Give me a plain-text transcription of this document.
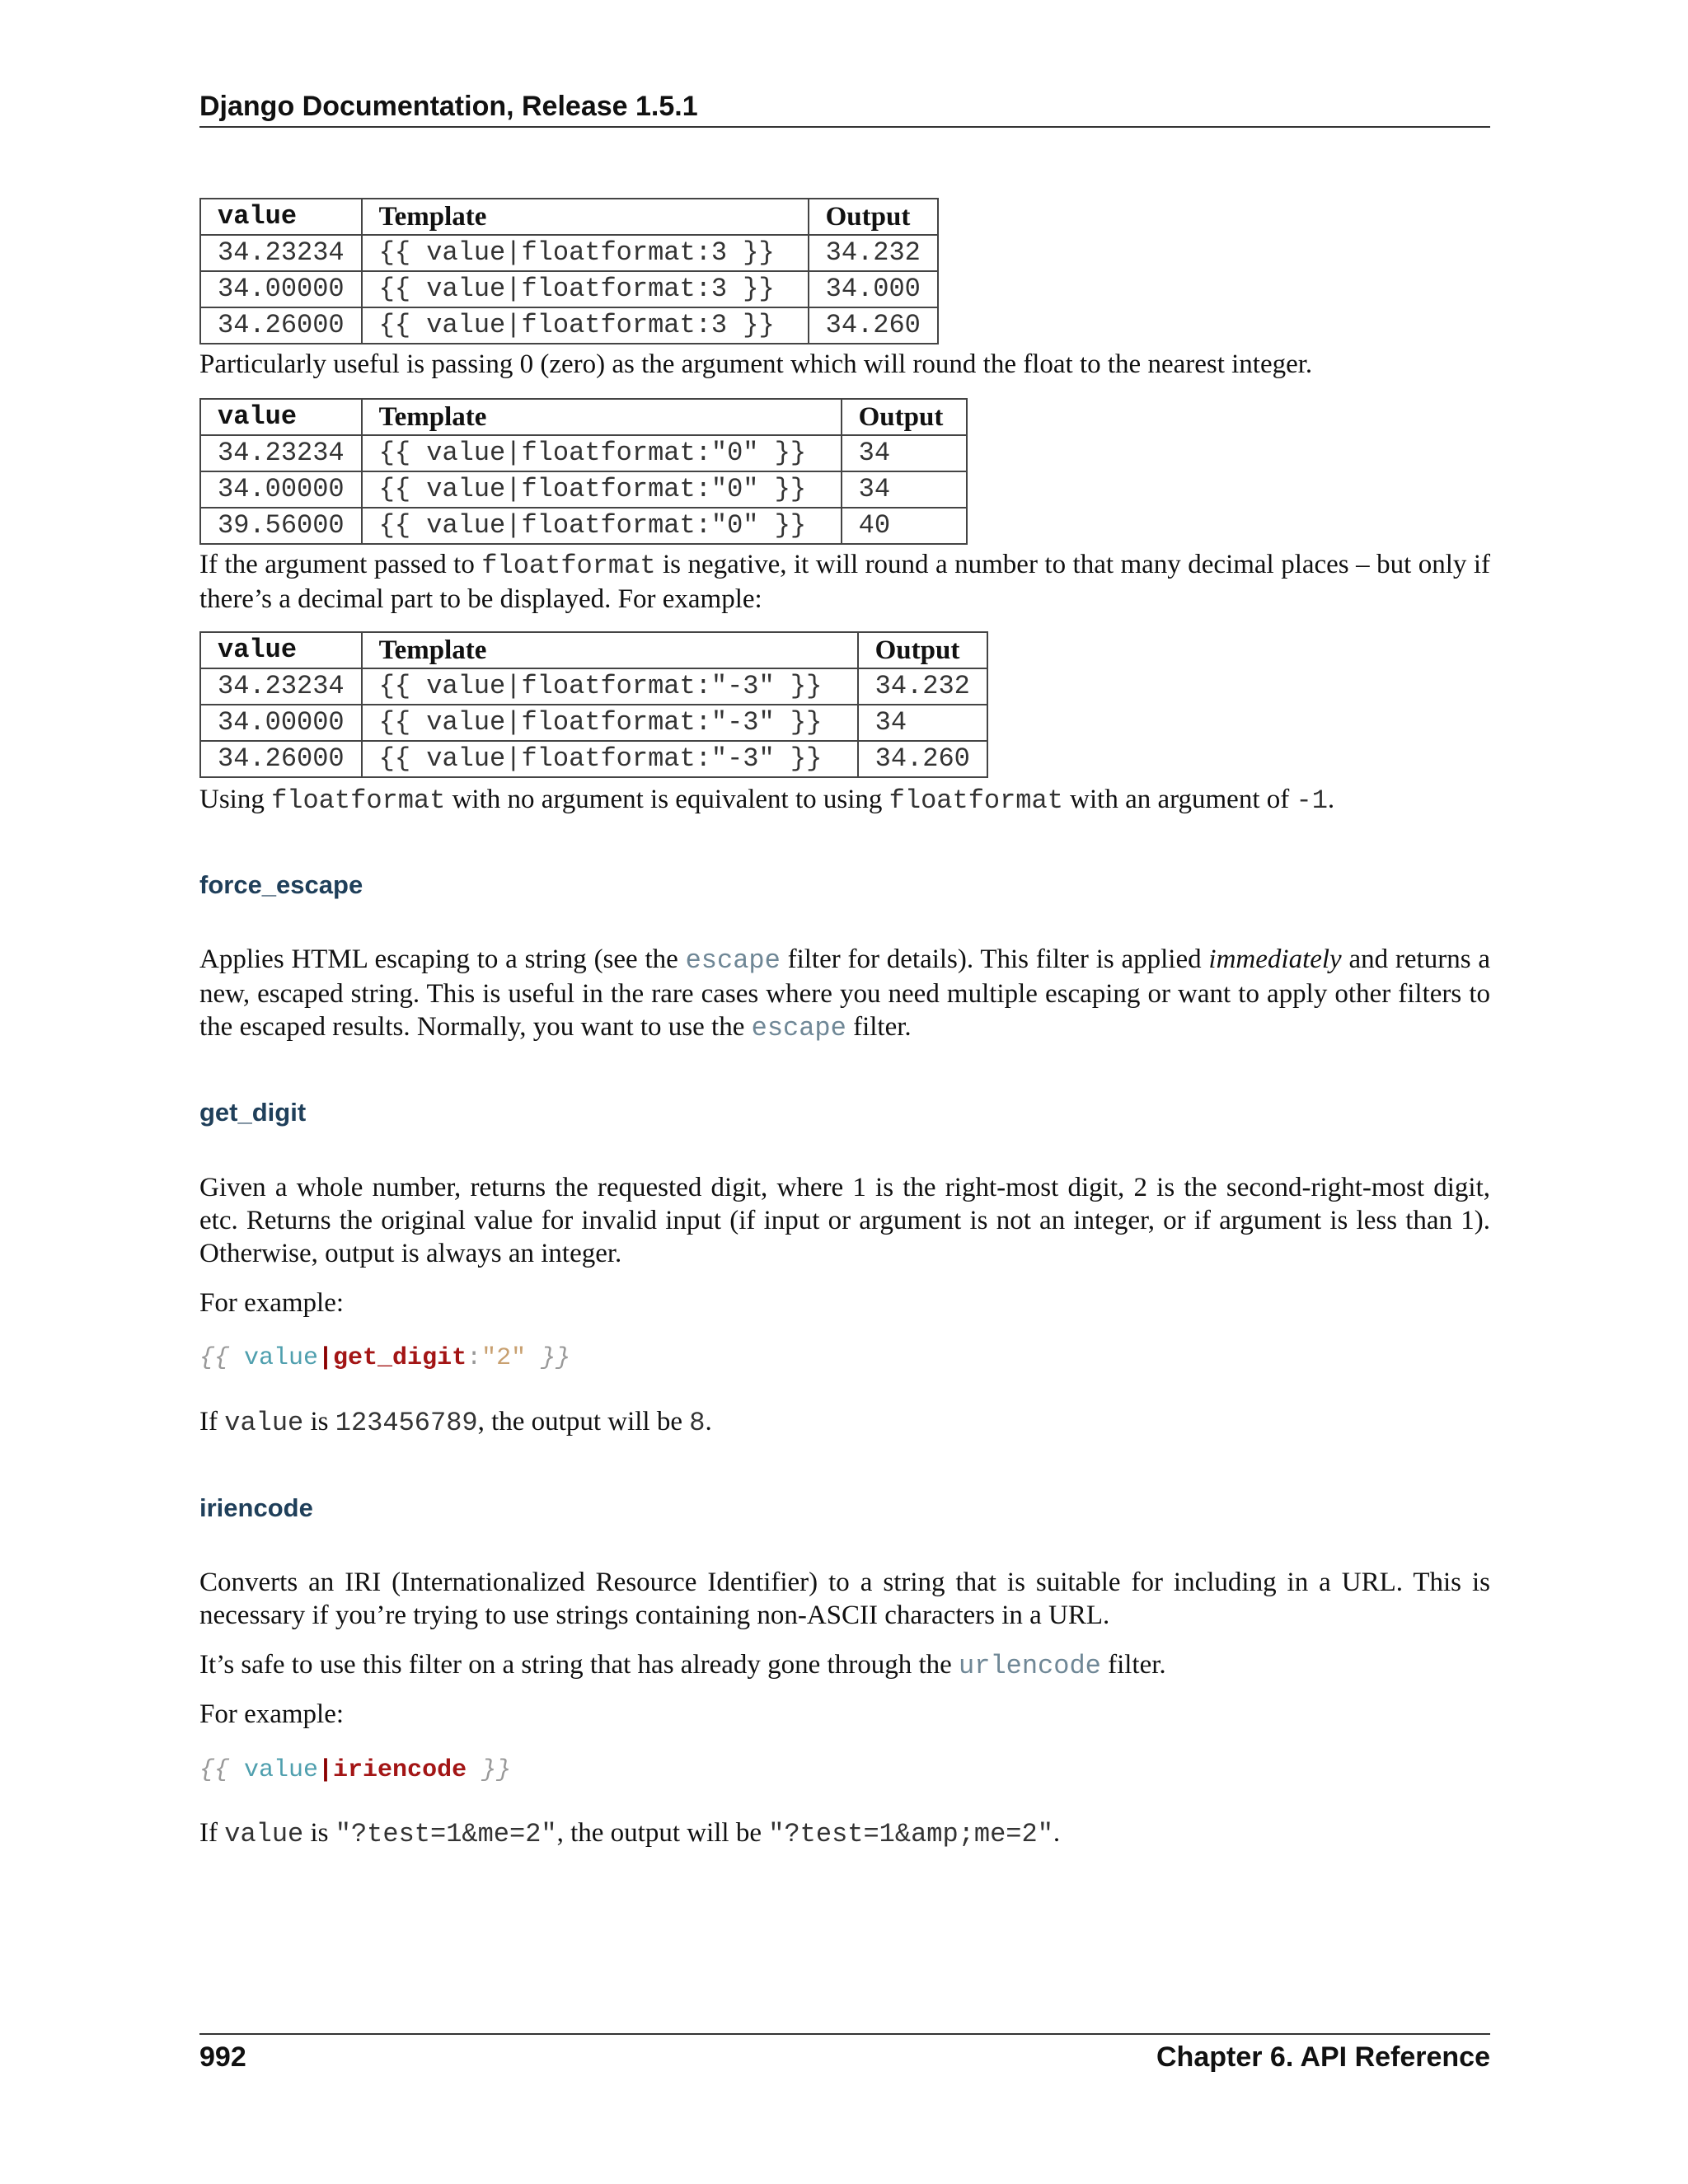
Django Documentation, Release 1.5.1
value	Template	Output
34.23234	{{ value|floatformat:3 }}	34.232
34.00000	{{ value|floatformat:3 }}	34.000
34.26000	{{ value|floatformat:3 }}	34.260

Particularly useful is passing 0 (zero) as the argument which will round the float to the nearest integer.

value	Template	Output
34.23234	{{ value|floatformat:"0" }}	34
34.00000	{{ value|floatformat:"0" }}	34
39.56000	{{ value|floatformat:"0" }}	40

If the argument passed to floatformat is negative, it will round a number to that many decimal places – but only if there’s a decimal part to be displayed. For example:

value	Template	Output
34.23234	{{ value|floatformat:"-3" }}	34.232
34.00000	{{ value|floatformat:"-3" }}	34
34.26000	{{ value|floatformat:"-3" }}	34.260

Using floatformat with no argument is equivalent to using floatformat with an argument of -1.

force_escape

Applies HTML escaping to a string (see the escape filter for details). This filter is applied immediately and returns a new, escaped string. This is useful in the rare cases where you need multiple escaping or want to apply other filters to the escaped results. Normally, you want to use the escape filter.

get_digit

Given a whole number, returns the requested digit, where 1 is the right-most digit, 2 is the second-right-most digit, etc. Returns the original value for invalid input (if input or argument is not an integer, or if argument is less than 1). Otherwise, output is always an integer.

For example:

{{ value|get_digit:"2" }}

If value is 123456789, the output will be 8.

iriencode

Converts an IRI (Internationalized Resource Identifier) to a string that is suitable for including in a URL. This is necessary if you’re trying to use strings containing non-ASCII characters in a URL.

It’s safe to use this filter on a string that has already gone through the urlencode filter.

For example:

{{ value|iriencode }}

If value is "?test=1&me=2", the output will be "?test=1&amp;me=2".

992	Chapter 6. API Reference
